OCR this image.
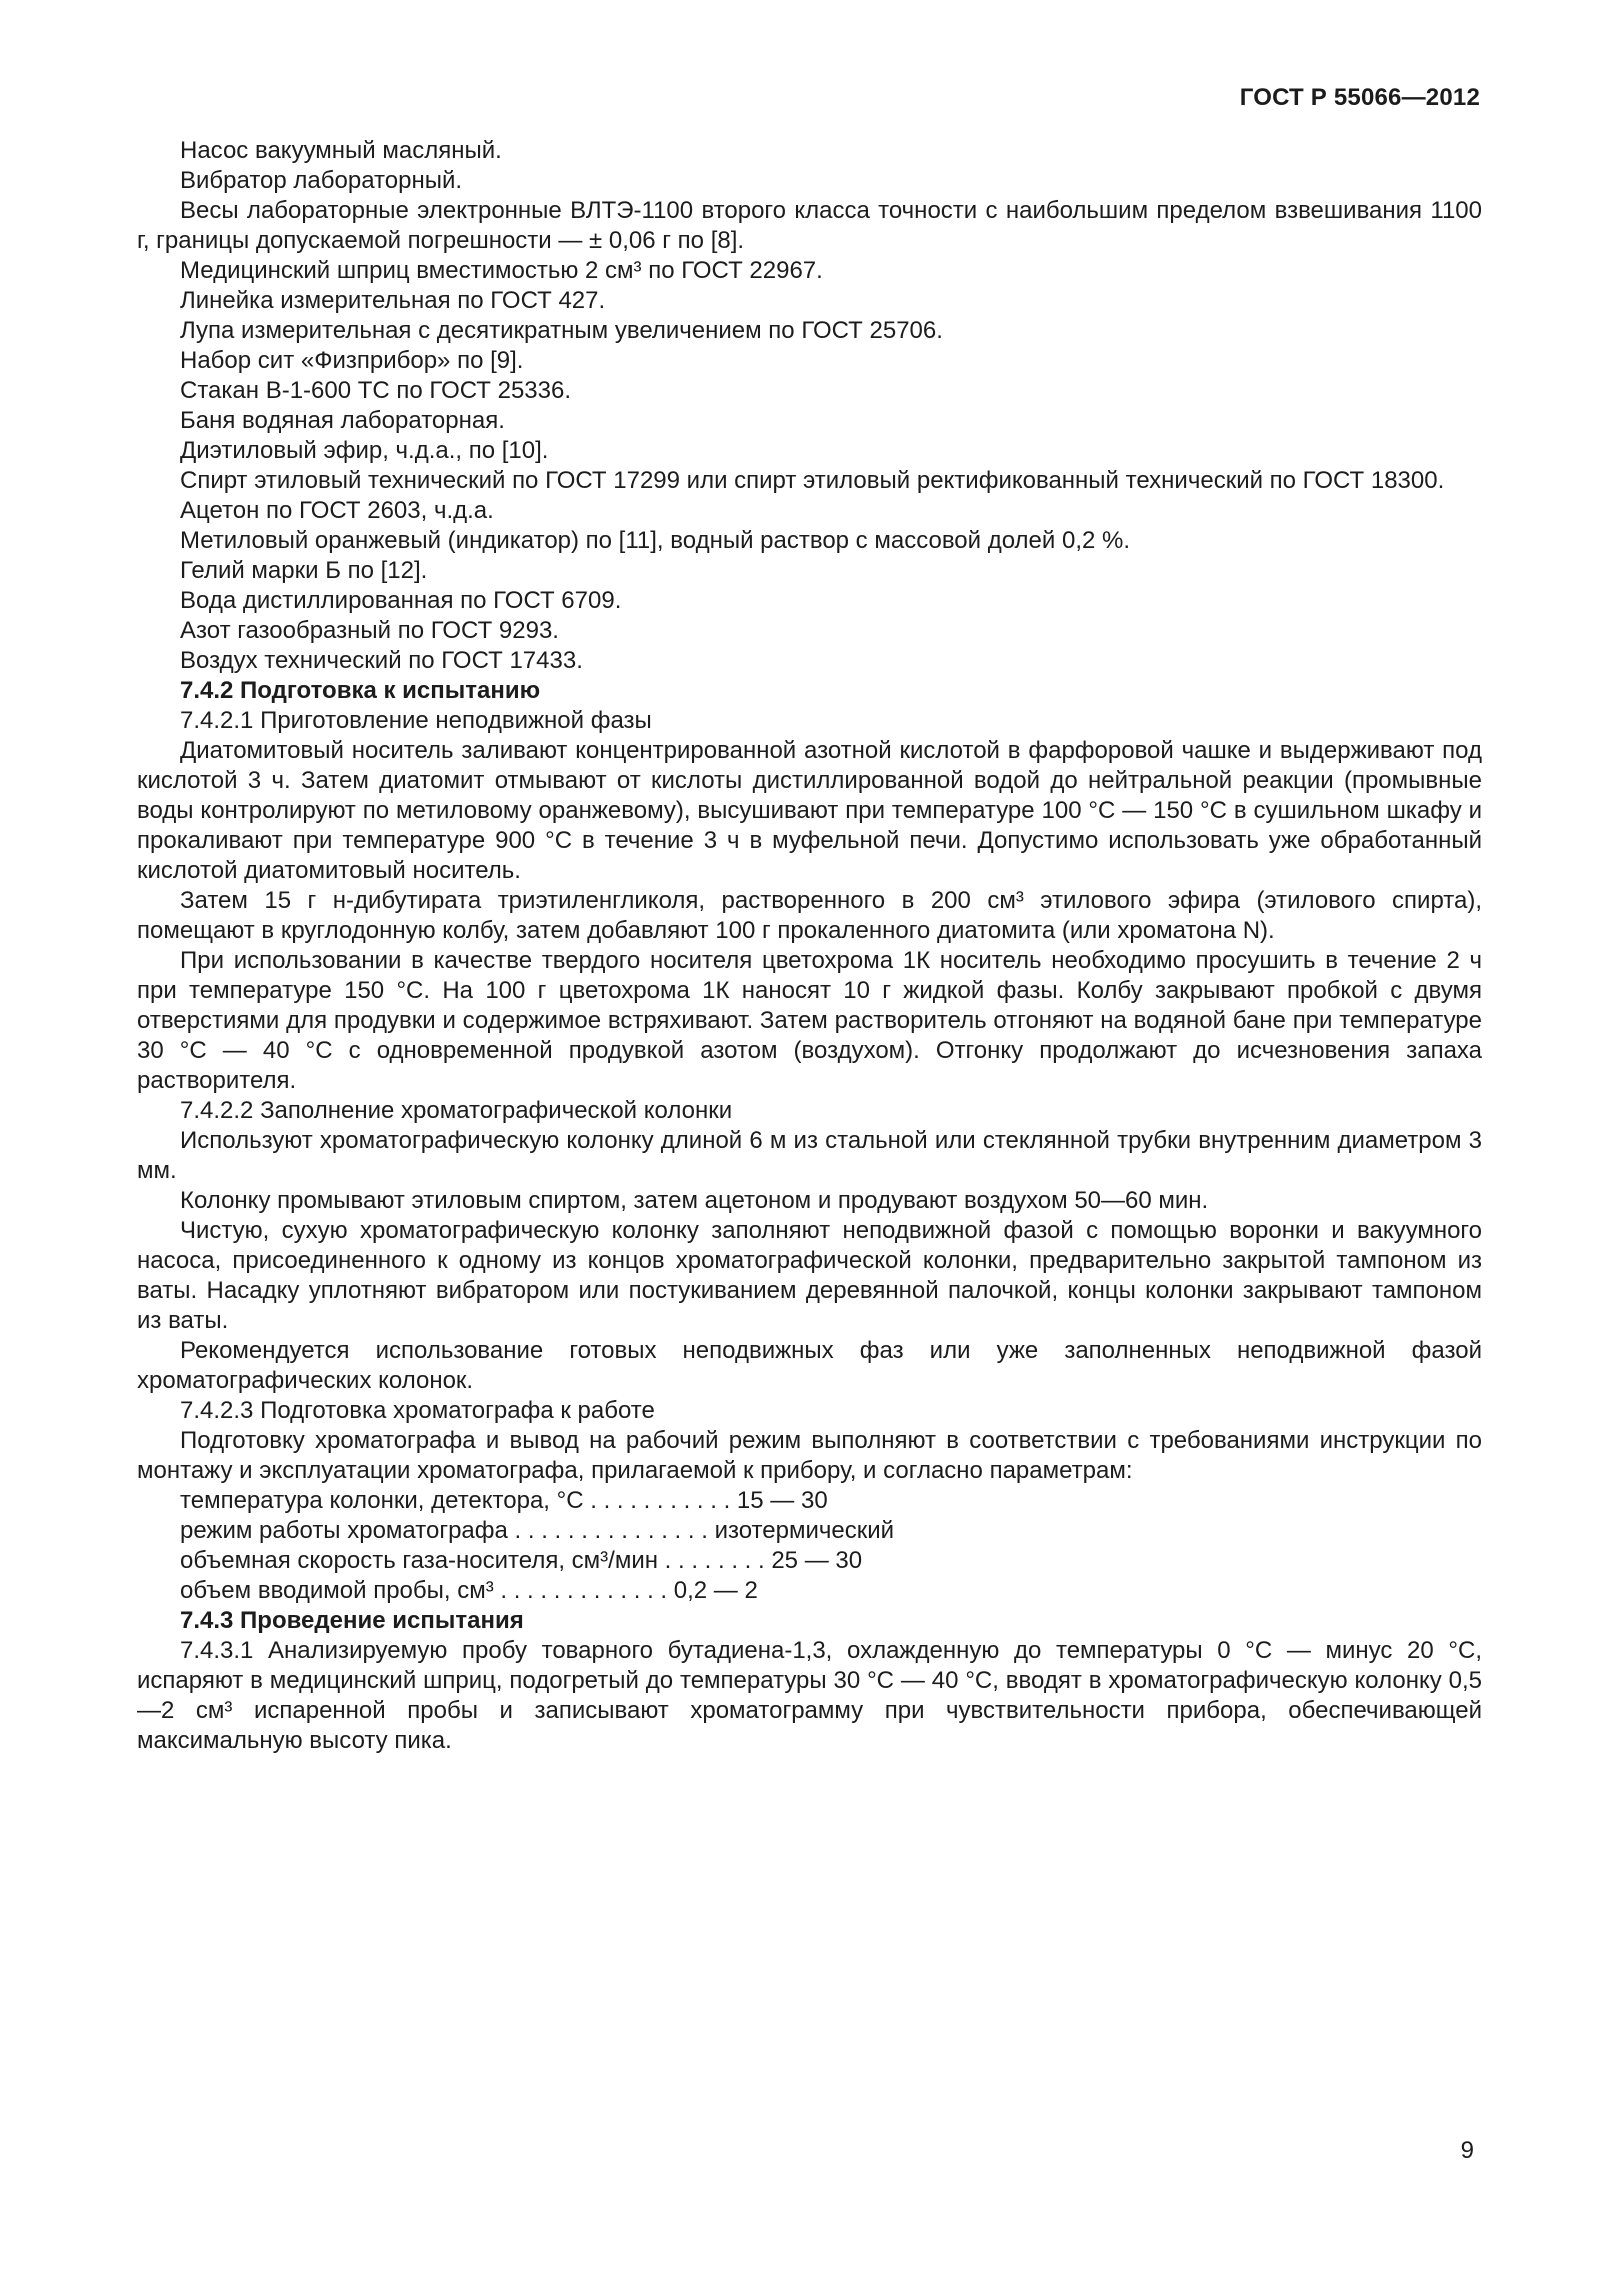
ГОСТ Р 55066—2012

Насос вакуумный масляный.

Вибратор лабораторный.

Весы лабораторные электронные ВЛТЭ-1100 второго класса точности с наибольшим пределом взвешивания 1100 г, границы допускаемой погрешности — ± 0,06 г по [8].

Медицинский шприц вместимостью 2 см³ по ГОСТ 22967.

Линейка измерительная по ГОСТ 427.

Лупа измерительная с десятикратным увеличением по ГОСТ 25706.

Набор сит «Физприбор» по [9].

Стакан В-1-600 ТС по ГОСТ 25336.

Баня водяная лабораторная.

Диэтиловый эфир, ч.д.а., по [10].

Спирт этиловый технический по ГОСТ 17299 или спирт этиловый ректификованный технический по ГОСТ 18300.

Ацетон по ГОСТ 2603, ч.д.а.

Метиловый оранжевый (индикатор) по [11], водный раствор с массовой долей 0,2 %.

Гелий марки Б по [12].

Вода дистиллированная по ГОСТ 6709.

Азот газообразный по ГОСТ 9293.

Воздух технический по ГОСТ 17433.

7.4.2 Подготовка к испытанию

7.4.2.1 Приготовление неподвижной фазы

Диатомитовый носитель заливают концентрированной азотной кислотой в фарфоровой чашке и выдерживают под кислотой 3 ч. Затем диатомит отмывают от кислоты дистиллированной водой до нейтральной реакции (промывные воды контролируют по метиловому оранжевому), высушивают при температуре 100 °С — 150 °С в сушильном шкафу и прокаливают при температуре 900 °С в течение 3 ч в муфельной печи. Допустимо использовать уже обработанный кислотой диатомитовый носитель.

Затем 15 г н-дибутирата триэтиленгликоля, растворенного в 200 см³ этилового эфира (этилового спирта), помещают в круглодонную колбу, затем добавляют 100 г прокаленного диатомита (или хроматона N).

При использовании в качестве твердого носителя цветохрома 1К носитель необходимо просушить в течение 2 ч при температуре 150 °С. На 100 г цветохрома 1К наносят 10 г жидкой фазы. Колбу закрывают пробкой с двумя отверстиями для продувки и содержимое встряхивают. Затем растворитель отгоняют на водяной бане при температуре 30 °С — 40 °С с одновременной продувкой азотом (воздухом). Отгонку продолжают до исчезновения запаха растворителя.

7.4.2.2 Заполнение хроматографической колонки

Используют хроматографическую колонку длиной 6 м из стальной или стеклянной трубки внутренним диаметром 3 мм.

Колонку промывают этиловым спиртом, затем ацетоном и продувают воздухом 50—60 мин.

Чистую, сухую хроматографическую колонку заполняют неподвижной фазой с помощью воронки и вакуумного насоса, присоединенного к одному из концов хроматографической колонки, предварительно закрытой тампоном из ваты. Насадку уплотняют вибратором или постукиванием деревянной палочкой, концы колонки закрывают тампоном из ваты.

Рекомендуется использование готовых неподвижных фаз или уже заполненных неподвижной фазой хроматографических колонок.

7.4.2.3 Подготовка хроматографа к работе

Подготовку хроматографа и вывод на рабочий режим выполняют в соответствии с требованиями инструкции по монтажу и эксплуатации хроматографа, прилагаемой к прибору, и согласно параметрам:

температура колонки, детектора, °С . . . . . . . . . . . 15 — 30

режим работы хроматографа . . . . . . . . . . . . . . . изотермический

объемная скорость газа-носителя, см³/мин . . . . . . . . 25 — 30

объем вводимой пробы, см³ . . . . . . . . . . . . . 0,2 — 2

7.4.3 Проведение испытания

7.4.3.1 Анализируемую пробу товарного бутадиена-1,3, охлажденную до температуры 0 °С — минус 20 °С, испаряют в медицинский шприц, подогретый до температуры 30 °С — 40 °С, вводят в хроматографическую колонку 0,5—2 см³ испаренной пробы и записывают хроматограмму при чувствительности прибора, обеспечивающей максимальную высоту пика.

9
